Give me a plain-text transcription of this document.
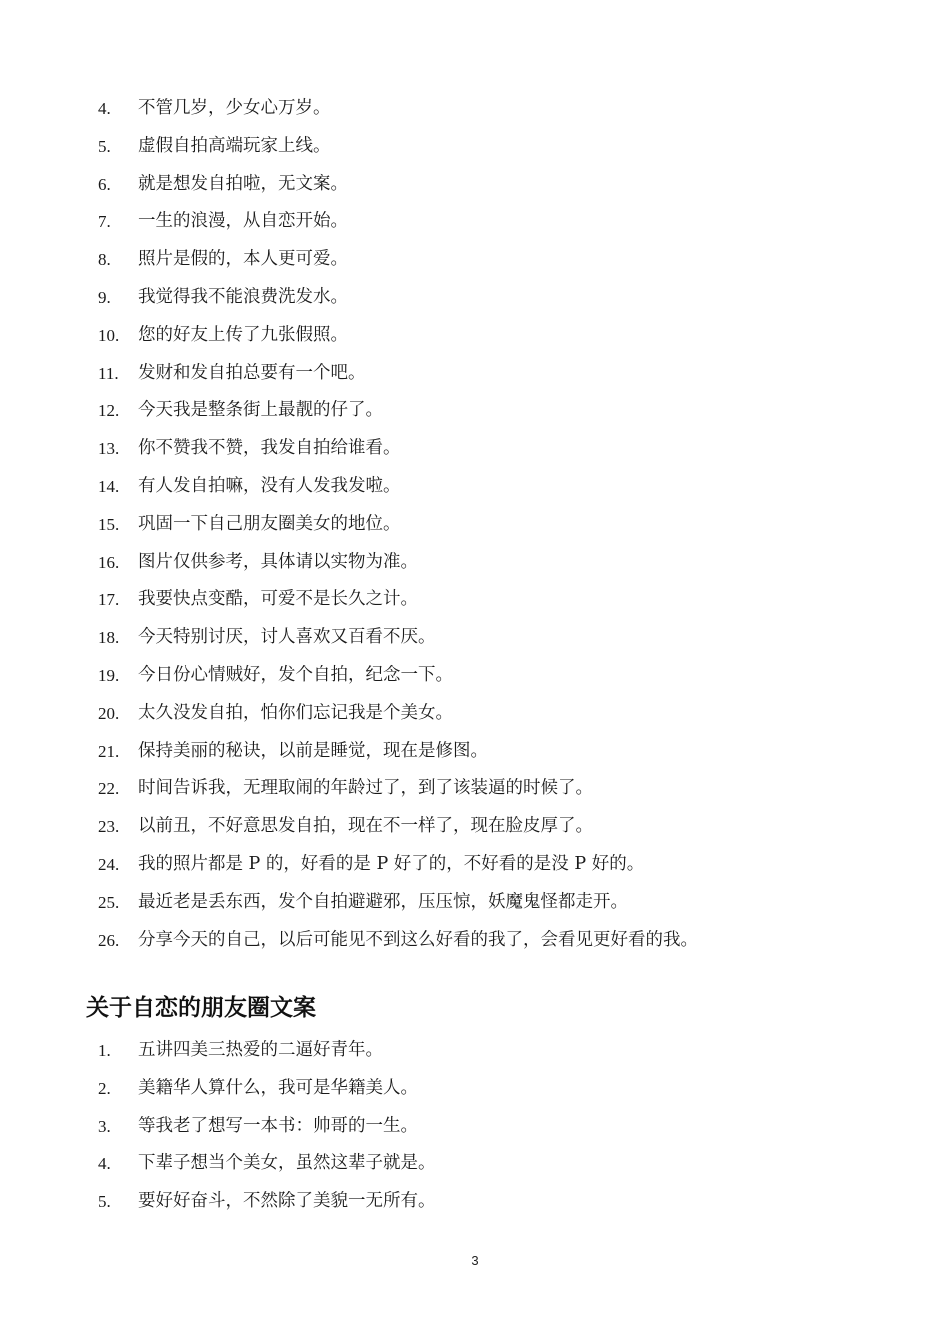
4. 不管几岁，少女心万岁。
5. 虚假自拍高端玩家上线。
6. 就是想发自拍啦，无文案。
7. 一生的浪漫，从自恋开始。
8. 照片是假的，本人更可爱。
9. 我觉得我不能浪费洗发水。
10. 您的好友上传了九张假照。
11. 发财和发自拍总要有一个吧。
12. 今天我是整条街上最靓的仔了。
13. 你不赞我不赞，我发自拍给谁看。
14. 有人发自拍嘛，没有人发我发啦。
15. 巩固一下自己朋友圈美女的地位。
16. 图片仅供参考，具体请以实物为准。
17. 我要快点变酷，可爱不是长久之计。
18. 今天特别讨厌，讨人喜欢又百看不厌。
19. 今日份心情贼好，发个自拍，纪念一下。
20. 太久没发自拍，怕你们忘记我是个美女。
21. 保持美丽的秘诀，以前是睡觉，现在是修图。
22. 时间告诉我，无理取闹的年龄过了，到了该装逼的时候了。
23. 以前丑，不好意思发自拍，现在不一样了，现在脸皮厚了。
24. 我的照片都是 P 的，好看的是 P 好了的，不好看的是没 P 好的。
25. 最近老是丢东西，发个自拍避避邪，压压惊，妖魔鬼怪都走开。
26. 分享今天的自己，以后可能见不到这么好看的我了，会看见更好看的我。
关于自恋的朋友圈文案
1. 五讲四美三热爱的二逼好青年。
2. 美籍华人算什么，我可是华籍美人。
3. 等我老了想写一本书：帅哥的一生。
4. 下辈子想当个美女，虽然这辈子就是。
5. 要好好奋斗，不然除了美貌一无所有。
3
